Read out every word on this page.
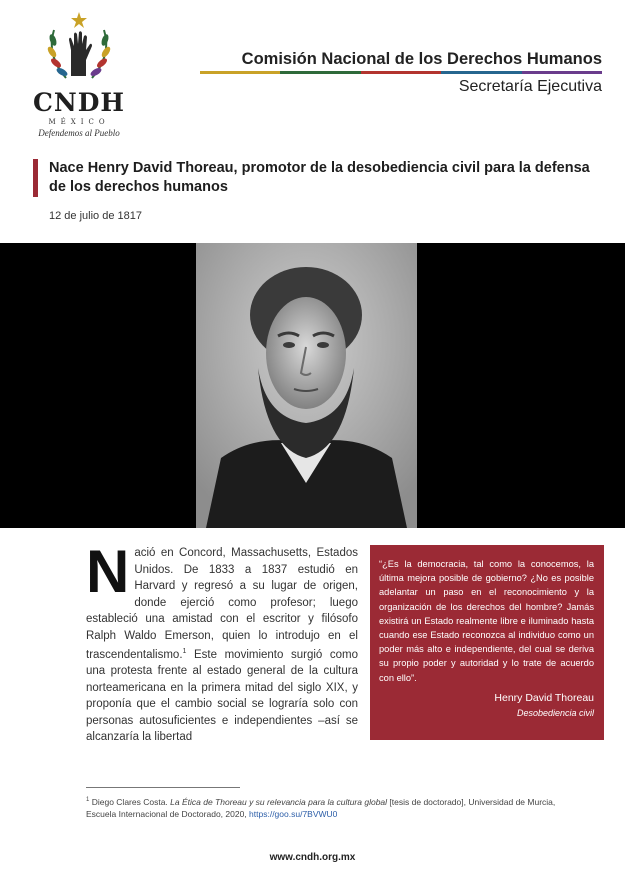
CNDH
MÉXICO
Defendemos al Pueblo
Comisión Nacional de los Derechos Humanos
Secretaría Ejecutiva
Nace Henry David Thoreau, promotor de la desobediencia civil para la defensa de los derechos humanos
12 de julio de 1817
Nació en Concord, Massachusetts, Estados Unidos. De 1833 a 1837 estudió en Harvard y regresó a su lugar de origen, donde ejerció como profesor; luego estableció una amistad con el escritor y filósofo Ralph Waldo Emerson, quien lo introdujo en el trascendentalismo.$^1$ Este movimiento surgió como una protesta frente al estado general de la cultura norteamericana en la primera mitad del siglo XIX, y proponía que el cambio social se lograría solo con personas autosuficientes e independientes –así se alcanzaría la libertad
“¿Es la democracia, tal como la conocemos, la última mejora posible de gobierno? ¿No es posible adelantar un paso en el reconocimiento y la organización de los derechos del hombre? Jamás existirá un Estado realmente libre e iluminado hasta cuando ese Estado reconozca al individuo como un poder más alto e independiente, del cual se deriva su propio poder y autoridad y lo trate de acuerdo con ello”.
Henry David Thoreau
Desobediencia civil
$^1$ Diego Clares Costa. La Ética de Thoreau y su relevancia para la cultura global [tesis de doctorado], Universidad de Murcia, Escuela Internacional de Doctorado, 2020, https://goo.su/7BVWU0
www.cndh.org.mx
